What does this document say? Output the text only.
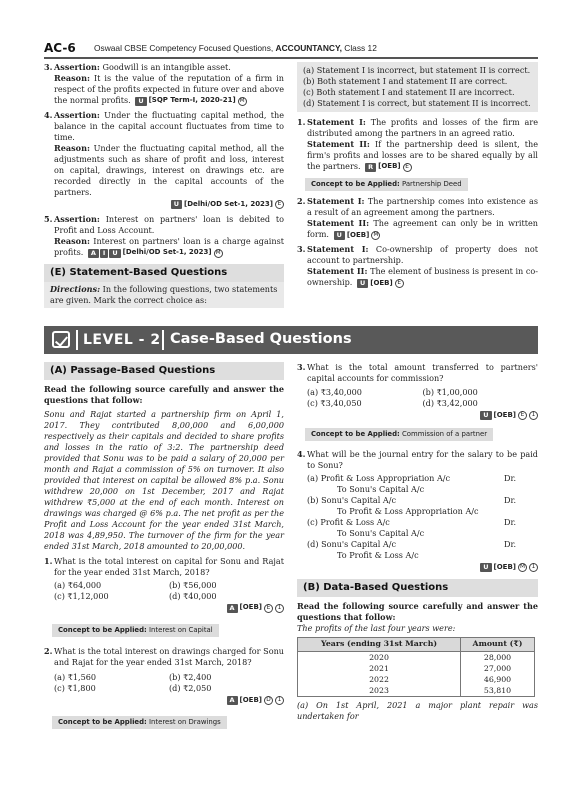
AC-6 Oswaal CBSE Competency Focused Questions, ACCOUNTANCY, Class 12
3. Assertion: Goodwill is an intangible asset.
Reason: It is the value of the reputation of a firm in respect of the profits expected in future over and above the normal profits. U [SQP Term-I, 2020-21] M
4. Assertion: Under the fluctuating capital method, the balance in the capital account fluctuates from time to time.
Reason: Under the fluctuating capital method, all the adjustments such as share of profit and loss, interest on capital, drawings, interest on drawings etc. are recorded directly in the capital accounts of the partners.
U [Delhi/OD Set-1, 2023] E
5. Assertion: Interest on partners' loan is debited to Profit and Loss Account.
Reason: Interest on partners' loan is a charge against profits. A I U [Delhi/OD Set-1, 2023] M
(E) Statement-Based Questions
Directions: In the following questions, two statements are given. Mark the correct choice as:
(a) Statement I is incorrect, but statement II is correct.
(b) Both statement I and statement II are correct.
(c) Both statement I and statement II are incorrect.
(d) Statement I is correct, but statement II is incorrect.
1. Statement I: The profits and losses of the firm are distributed among the partners in an agreed ratio.
Statement II: If the partnership deed is silent, the firm's profits and losses are to be shared equally by all the partners. R [OEB] E
Concept to be Applied: Partnership Deed
2. Statement I: The partnership comes into existence as a result of an agreement among the partners.
Statement II: The agreement can only be in written form. U [OEB] M
3. Statement I: Co-ownership of property does not account to partnership.
Statement II: The element of business is present in co-ownership. U [OEB] E
LEVEL - 2 Case-Based Questions
(A) Passage-Based Questions
Read the following source carefully and answer the questions that follow:
Sonu and Rajat started a partnership firm on April 1, 2017. They contributed 8,00,000 and 6,00,000 respectively as their capitals and decided to share profits and losses in the ratio of 3:2. The partnership deed provided that Sonu was to be paid a salary of 20,000 per month and Rajat a commission of 5% on turnover. It also provided that interest on capital be allowed 8% p.a. Sonu withdrew 20,000 on 1st December, 2017 and Rajat withdrew ₹5,000 at the end of each month. Interest on drawings was charged @ 6% p.a. The net profit as per the Profit and Loss Account for the year ended 31st March, 2018 was 4,89,950. The turnover of the firm for the year ended 31st March, 2018 amounted to 20,00,000.
1. What is the total interest on capital for Sonu and Rajat for the year ended 31st March, 2018?
(a) ₹64,000	(b) ₹56,000
(c) ₹1,12,000	(d) ₹40,000
A [OEB] E 1
Concept to be Applied: Interest on Capital
2. What is the total interest on drawings charged for Sonu and Rajat for the year ended 31st March, 2018?
(a) ₹1,560	(b) ₹2,400
(c) ₹1,800	(d) ₹2,050
A [OEB] D 1
Concept to be Applied: Interest on Drawings
3. What is the total amount transferred to partners' capital accounts for commission?
(a) ₹3,40,000	(b) ₹1,00,000
(c) ₹3,40,050	(d) ₹3,42,000
U [OEB] E 1
Concept to be Applied: Commission of a partner
4. What will be the journal entry for the salary to be paid to Sonu?
(a) Profit & Loss Appropriation A/c	Dr.
To Sonu's Capital A/c
(b) Sonu's Capital A/c	Dr.
To Profit & Loss Appropriation A/c
(c) Profit & Loss A/c	Dr.
To Sonu's Capital A/c
(d) Sonu's Capital A/c	Dr.
To Profit & Loss A/c
U [OEB] M 1
(B) Data-Based Questions
Read the following source carefully and answer the questions that follow:
The profits of the last four years were:
Years (ending 31st March)	Amount (₹)
2020	28,000
2021	27,000
2022	46,900
2023	53,810
(a) On 1st April, 2021 a major plant repair was undertaken for
